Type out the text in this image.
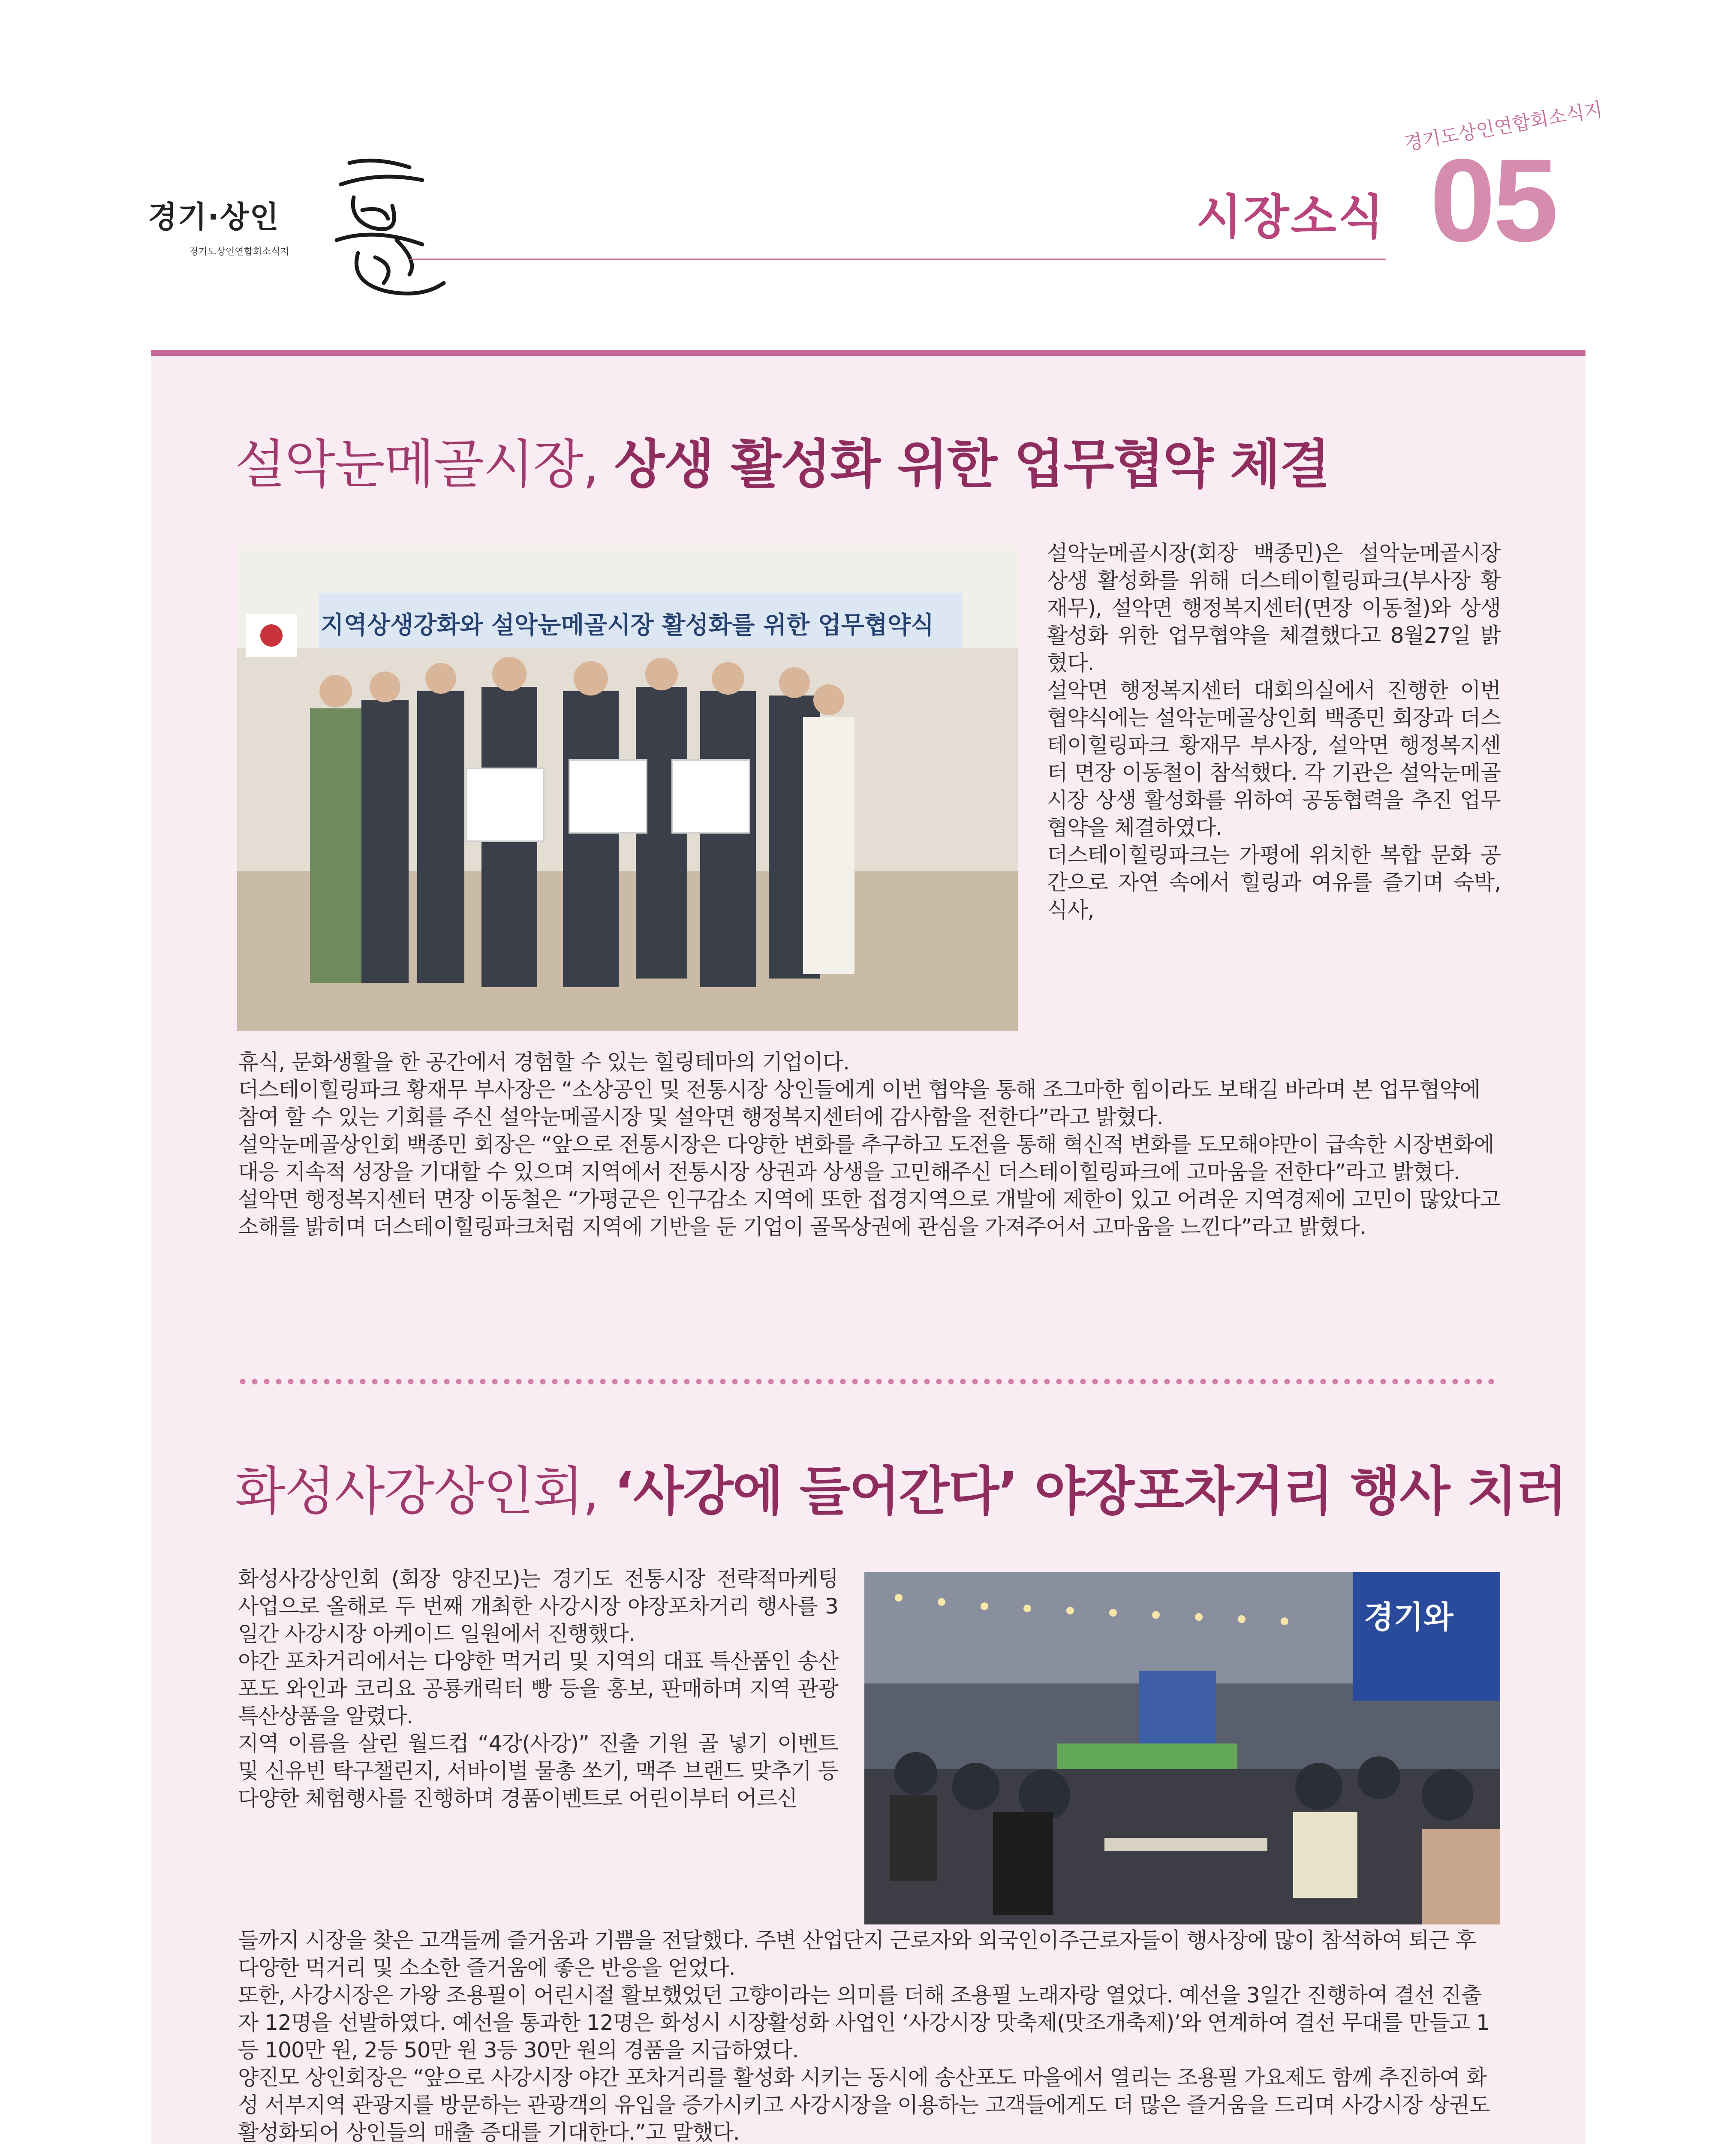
경기·상인
경기도상인연합회소식지
시장소식
경기도상인연합회소식지
05
설악눈메골시장, 상생 활성화 위한 업무협약 체결
지역상생강화와 설악눈메골시장 활성화를 위한 업무협약식

설악눈메골시장(회장 백종민)은 설악눈메골시장 상생 활성화를 위해 더스테이힐링파크(부사장 황재무), 설악면 행정복지센터(면장 이동철)와 상생 활성화 위한 업무협약을 체결했다고 8월27일 밝혔다.

설악면 행정복지센터 대회의실에서 진행한 이번 협약식에는 설악눈메골상인회 백종민 회장과 더스테이힐링파크 황재무 부사장, 설악면 행정복지센터 면장 이동철이 참석했다. 각 기관은 설악눈메골시장 상생 활성화를 위하여 공동협력을 추진 업무협약을 체결하였다.

더스테이힐링파크는 가평에 위치한 복합 문화 공간으로 자연 속에서 힐링과 여유를 즐기며 숙박, 식사,

휴식, 문화생활을 한 공간에서 경험할 수 있는 힐링테마의 기업이다.

더스테이힐링파크 황재무 부사장은 “소상공인 및 전통시장 상인들에게 이번 협약을 통해 조그마한 힘이라도 보태길 바라며 본 업무협약에 참여 할 수 있는 기회를 주신 설악눈메골시장 및 설악면 행정복지센터에 감사함을 전한다”라고 밝혔다.

설악눈메골상인회 백종민 회장은 “앞으로 전통시장은 다양한 변화를 추구하고 도전을 통해 혁신적 변화를 도모해야만이 급속한 시장변화에 대응 지속적 성장을 기대할 수 있으며 지역에서 전통시장 상권과 상생을 고민해주신 더스테이힐링파크에 고마움을 전한다”라고 밝혔다.

설악면 행정복지센터 면장 이동철은 “가평군은 인구감소 지역에 또한 접경지역으로 개발에 제한이 있고 어려운 지역경제에 고민이 많았다고 소해를 밝히며 더스테이힐링파크처럼 지역에 기반을 둔 기업이 골목상권에 관심을 가져주어서 고마움을 느낀다”라고 밝혔다.

화성사강상인회, ‘사강에 들어간다’ 야장포차거리 행사 치러

화성사강상인회 (회장 양진모)는 경기도 전통시장 전략적마케팅 사업으로 올해로 두 번째 개최한 사강시장 야장포차거리 행사를 3일간 사강시장 아케이드 일원에서 진행했다.

야간 포차거리에서는 다양한 먹거리 및 지역의 대표 특산품인 송산포도 와인과 코리요 공룡캐릭터 빵 등을 홍보, 판매하며 지역 관광 특산상품을 알렸다.

지역 이름을 살린 월드컵 “4강(사강)” 진출 기원 골 넣기 이벤트 및 신유빈 탁구챌린지, 서바이벌 물총 쏘기, 맥주 브랜드 맞추기 등 다양한 체험행사를 진행하며 경품이벤트로 어린이부터 어르신

경기와

들까지 시장을 찾은 고객들께 즐거움과 기쁨을 전달했다. 주변 산업단지 근로자와 외국인이주근로자들이 행사장에 많이 참석하여 퇴근 후 다양한 먹거리 및 소소한 즐거움에 좋은 반응을 얻었다.

또한, 사강시장은 가왕 조용필이 어린시절 활보했었던 고향이라는 의미를 더해 조용필 노래자랑 열었다. 예선을 3일간 진행하여 결선 진출자 12명을 선발하였다. 예선을 통과한 12명은 화성시 시장활성화 사업인 ‘사강시장 맛축제(맛조개축제)’와 연계하여 결선 무대를 만들고 1등 100만 원, 2등 50만 원 3등 30만 원의 경품을 지급하였다.

양진모 상인회장은 “앞으로 사강시장 야간 포차거리를 활성화 시키는 동시에 송산포도 마을에서 열리는 조용필 가요제도 함께 추진하여 화성 서부지역 관광지를 방문하는 관광객의 유입을 증가시키고 사강시장을 이용하는 고객들에게도 더 많은 즐거움을 드리며 사강시장 상권도 활성화되어 상인들의 매출 증대를 기대한다.”고 말했다.
